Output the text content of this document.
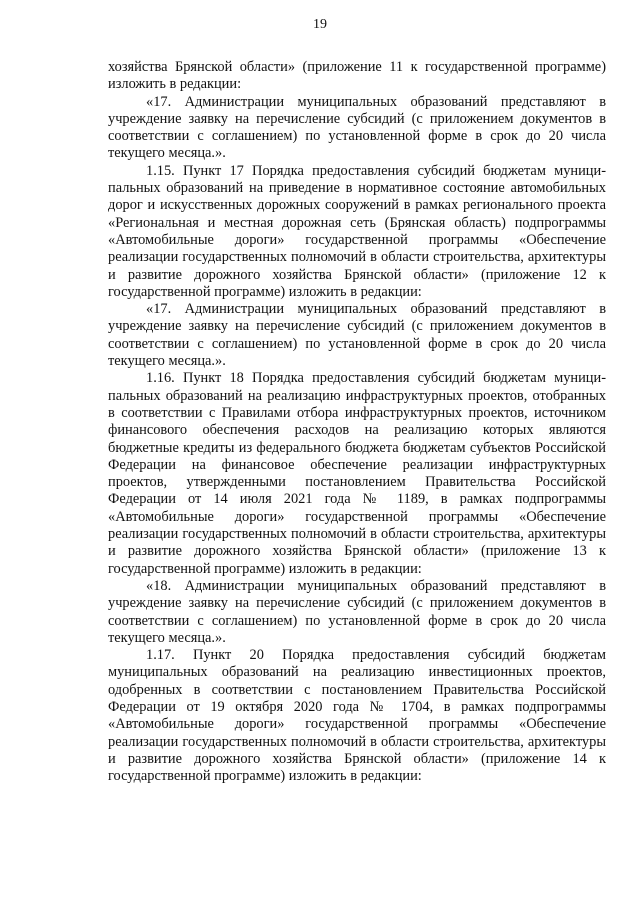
19

хозяйства Брянской области» (приложение 11 к государственной программе) изложить в редакции:

«17. Администрации муниципальных образований представляют в учреждение заявку на перечисление субсидий (с приложением документов в соответствии с соглашением) по установленной форме в срок до 20 числа текущего месяца.».

1.15. Пункт 17 Порядка предоставления субсидий бюджетам муниципальных образований на приведение в нормативное состояние автомобильных дорог и искусственных дорожных сооружений в рамках регионального проекта «Региональная и местная дорожная сеть (Брянская область) подпрограммы «Автомобильные дороги» государственной программы «Обеспечение реализации государственных полномочий в области строительства, архитектуры и развитие дорожного хозяйства Брянской области» (приложение 12 к государственной программе) изложить в редакции:

«17. Администрации муниципальных образований представляют в учреждение заявку на перечисление субсидий (с приложением документов в соответствии с соглашением) по установленной форме в срок до 20 числа текущего месяца.».

1.16. Пункт 18 Порядка предоставления субсидий бюджетам муниципальных образований на реализацию инфраструктурных проектов, отобранных в соответствии с Правилами отбора инфраструктурных проектов, источником финансового обеспечения расходов на реализацию которых являются бюджетные кредиты из федерального бюджета бюджетам субъектов Российской Федерации на финансовое обеспечение реализации инфраструктурных проектов, утвержденными постановлением Правительства Российской Федерации от 14 июля 2021 года № 1189, в рамках подпрограммы «Автомобильные дороги» государственной программы «Обеспечение реализации государственных полномочий в области строительства, архитектуры и развитие дорожного хозяйства Брянской области» (приложение 13 к государственной программе) изложить в редакции:

«18. Администрации муниципальных образований представляют в учреждение заявку на перечисление субсидий (с приложением документов в соответствии с соглашением) по установленной форме в срок до 20 числа текущего месяца.».

1.17. Пункт 20 Порядка предоставления субсидий бюджетам муниципальных образований на реализацию инвестиционных проектов, одобренных в соответствии с постановлением Правительства Российской Федерации от 19 октября 2020 года № 1704, в рамках подпрограммы «Автомобильные дороги» государственной программы «Обеспечение реализации государственных полномочий в области строительства, архитектуры и развитие дорожного хозяйства Брянской области» (приложение 14 к государственной программе) изложить в редакции:
